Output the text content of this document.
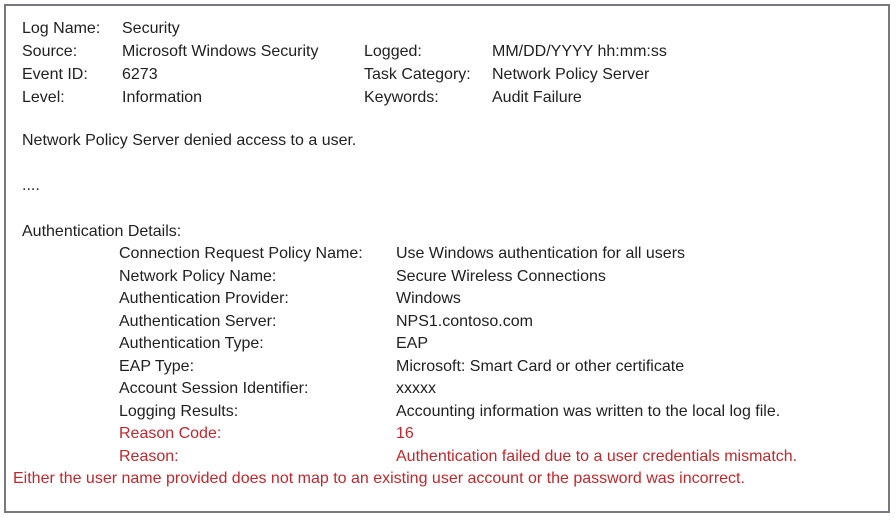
Log Name:	Security
Source:	Microsoft Windows Security	Logged:	MM/DD/YYYY hh:mm:ss
Event ID:	6273	Task Category:	Network Policy Server
Level:	Information	Keywords:	Audit Failure

Network Policy Server denied access to a user.

....

Authentication Details:

Connection Request Policy Name:	Use Windows authentication for all users
Network Policy Name:	Secure Wireless Connections
Authentication Provider:	Windows
Authentication Server:	NPS1.contoso.com
Authentication Type:	EAP
EAP Type:	Microsoft: Smart Card or other certificate
Account Session Identifier:	xxxxx
Logging Results:	Accounting information was written to the local log file.
Reason Code:	16
Reason:	Authentication failed due to a user credentials mismatch.

Either the user name provided does not map to an existing user account or the password was incorrect.
